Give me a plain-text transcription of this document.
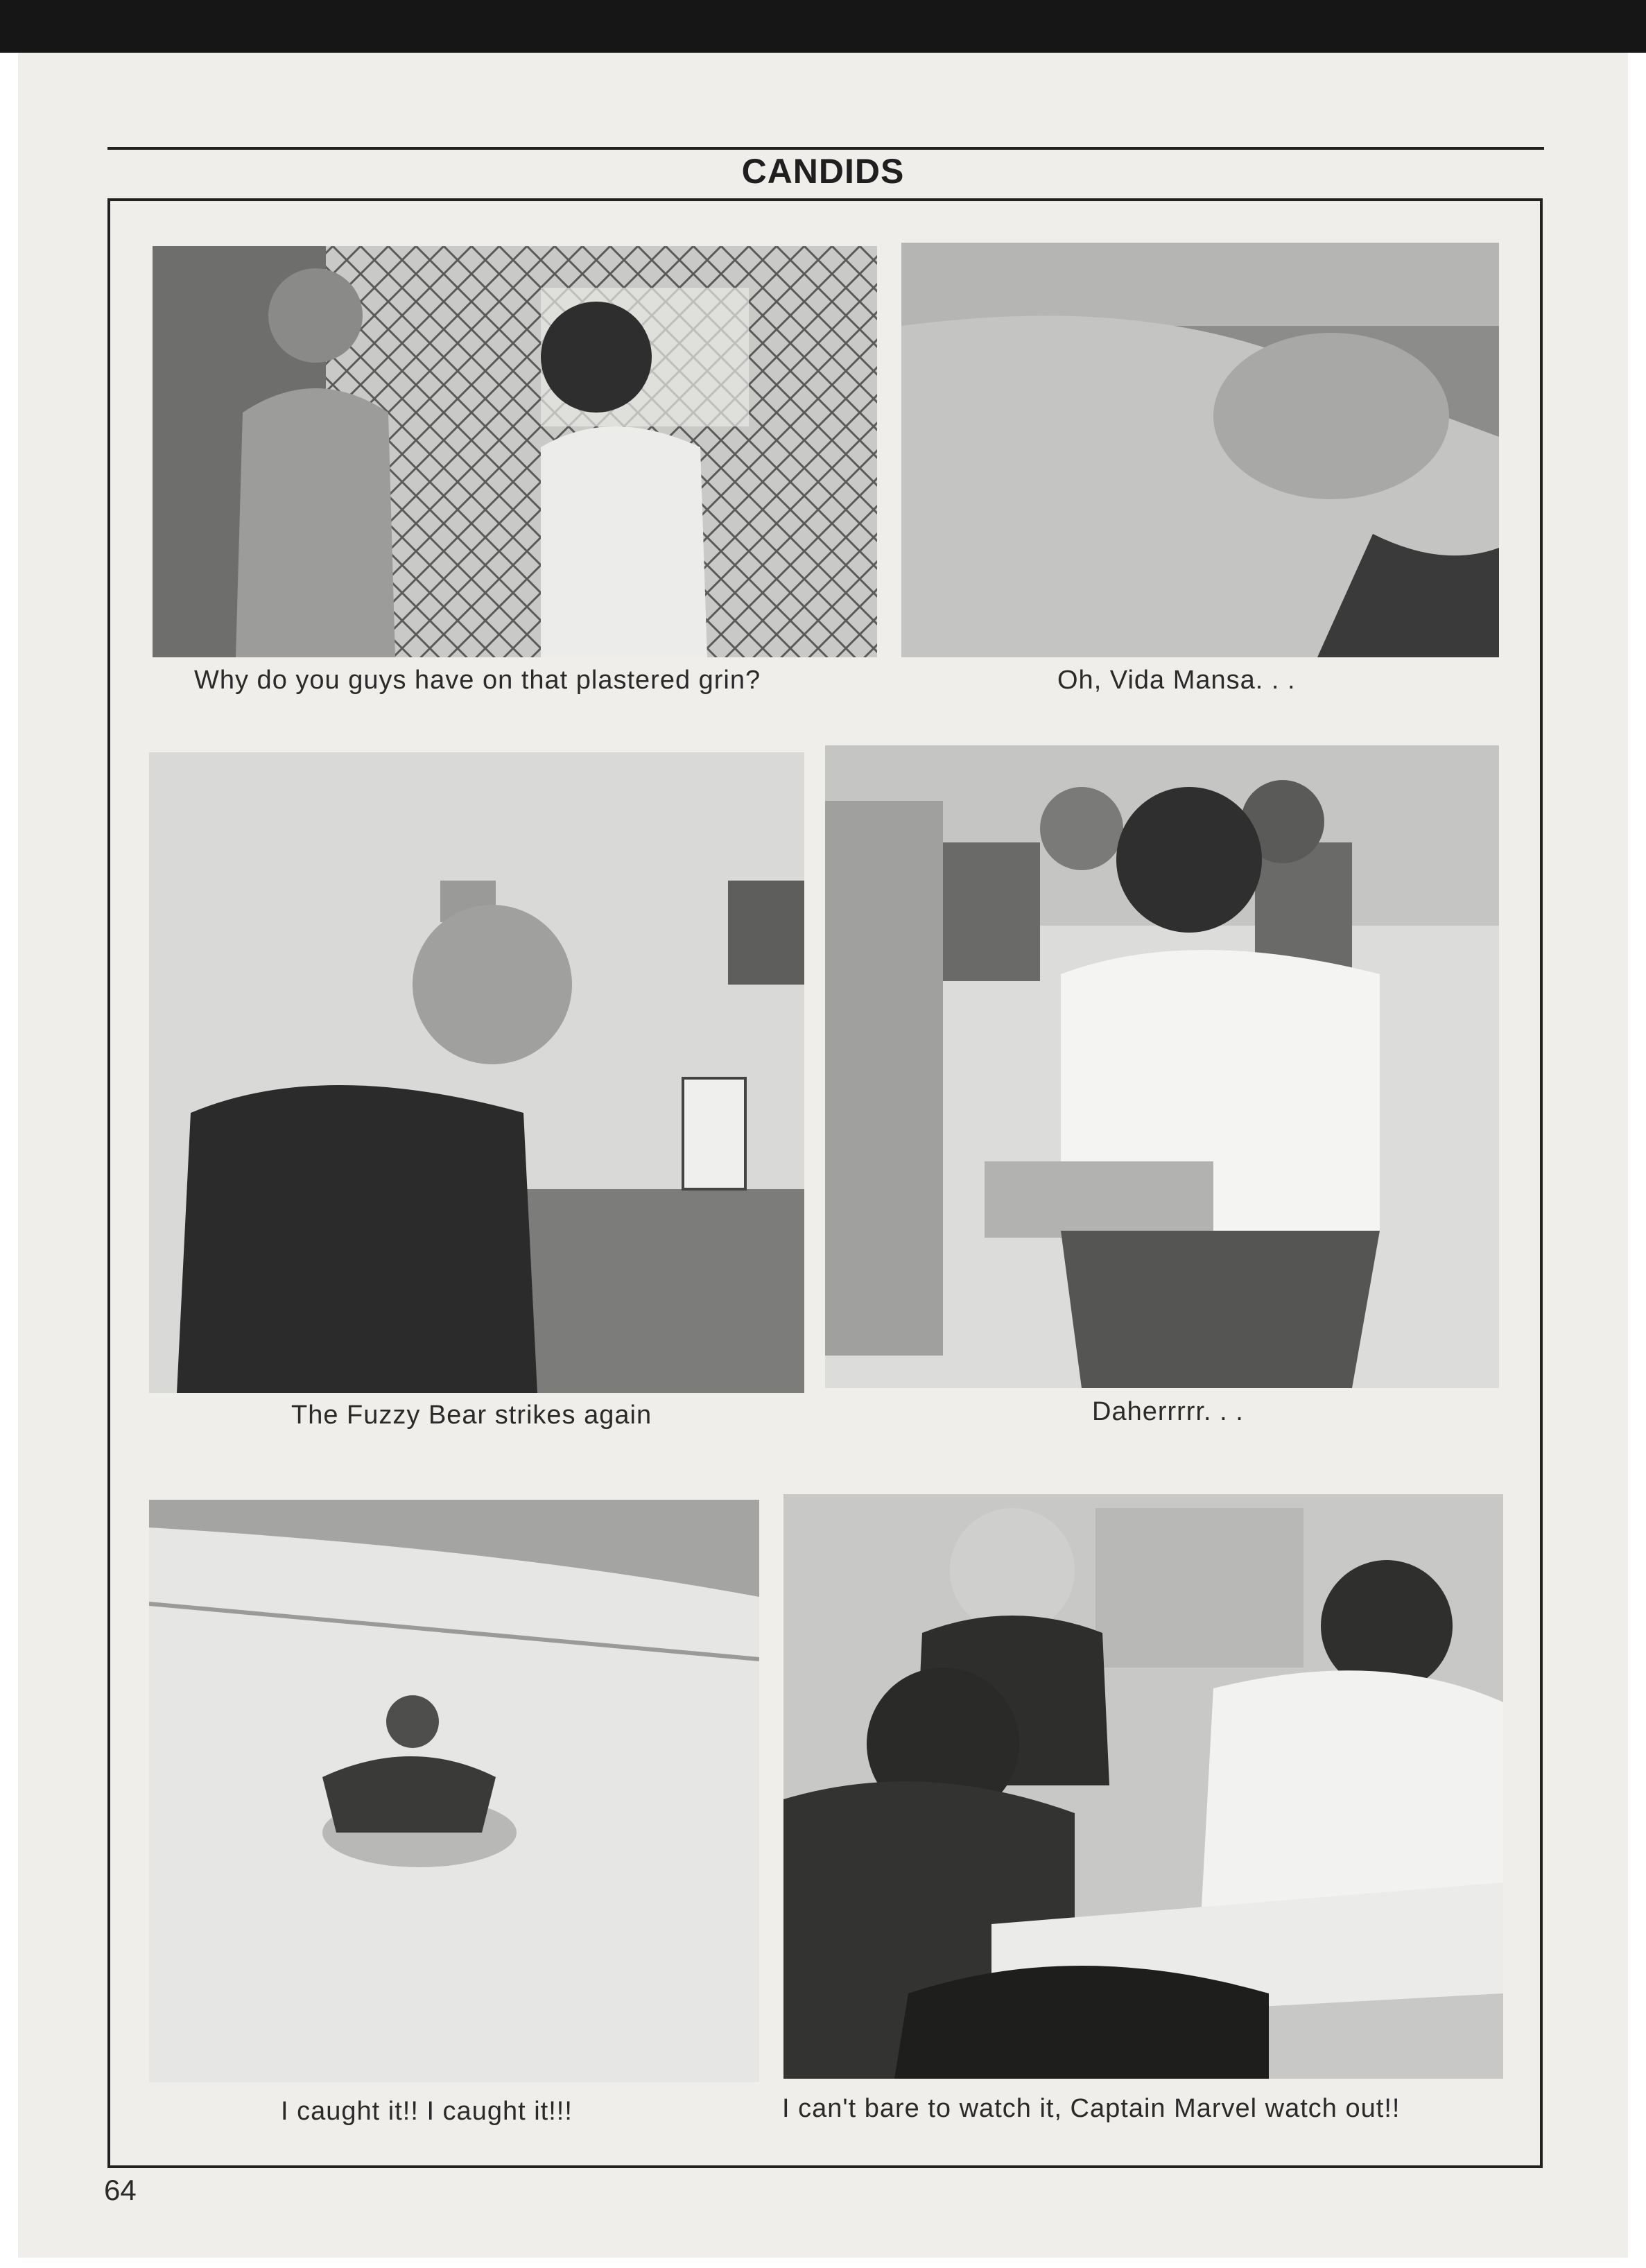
CANDIDS
Why do you guys have on that plastered grin?	Oh, Vida Mansa. . .
The Fuzzy Bear strikes again	Daherrrrr. . .
I caught it!! I caught it!!!	I can't bare to watch it, Captain Marvel watch out!!
64
